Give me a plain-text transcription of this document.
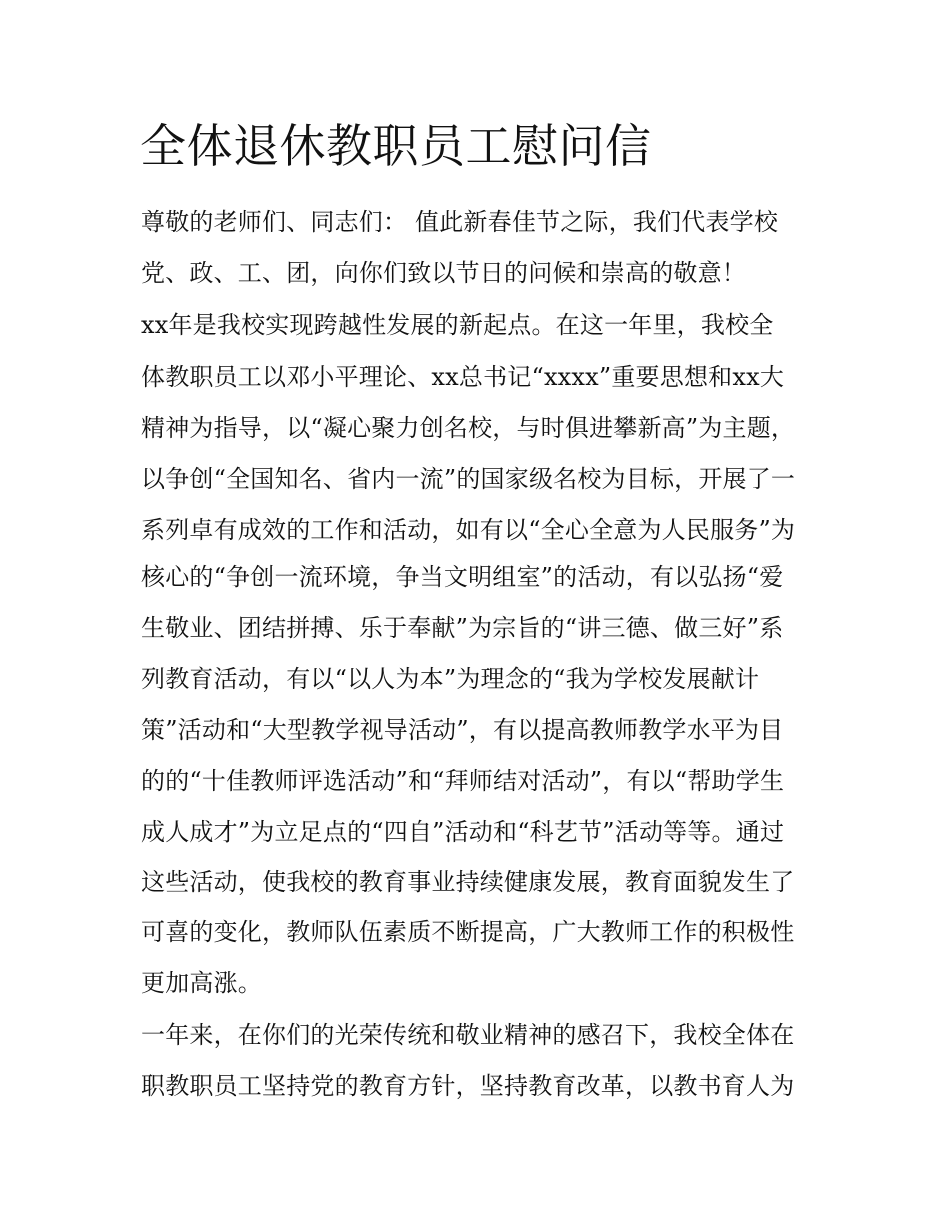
全体退休教职员工慰问信

尊敬的老师们、同志们： 值此新春佳节之际，我们代表学校

党、政、工、团，向你们致以节日的问候和崇高的敬意！

xx年是我校实现跨越性发展的新起点。在这一年里，我校全

体教职员工以邓小平理论、xx总书记“xxxx”重要思想和xx大

精神为指导，以“凝心聚力创名校，与时俱进攀新高”为主题，

以争创“全国知名、省内一流”的国家级名校为目标，开展了一

系列卓有成效的工作和活动，如有以“全心全意为人民服务”为

核心的“争创一流环境，争当文明组室”的活动，有以弘扬“爱

生敬业、团结拼搏、乐于奉献”为宗旨的“讲三德、做三好”系

列教育活动，有以“以人为本”为理念的“我为学校发展献计

策”活动和“大型教学视导活动”，有以提高教师教学水平为目

的的“十佳教师评选活动”和“拜师结对活动”，有以“帮助学生

成人成才”为立足点的“四自”活动和“科艺节”活动等等。通过

这些活动，使我校的教育事业持续健康发展，教育面貌发生了

可喜的变化，教师队伍素质不断提高，广大教师工作的积极性

更加高涨。

一年来，在你们的光荣传统和敬业精神的感召下，我校全体在

职教职员工坚持党的教育方针，坚持教育改革，以教书育人为
